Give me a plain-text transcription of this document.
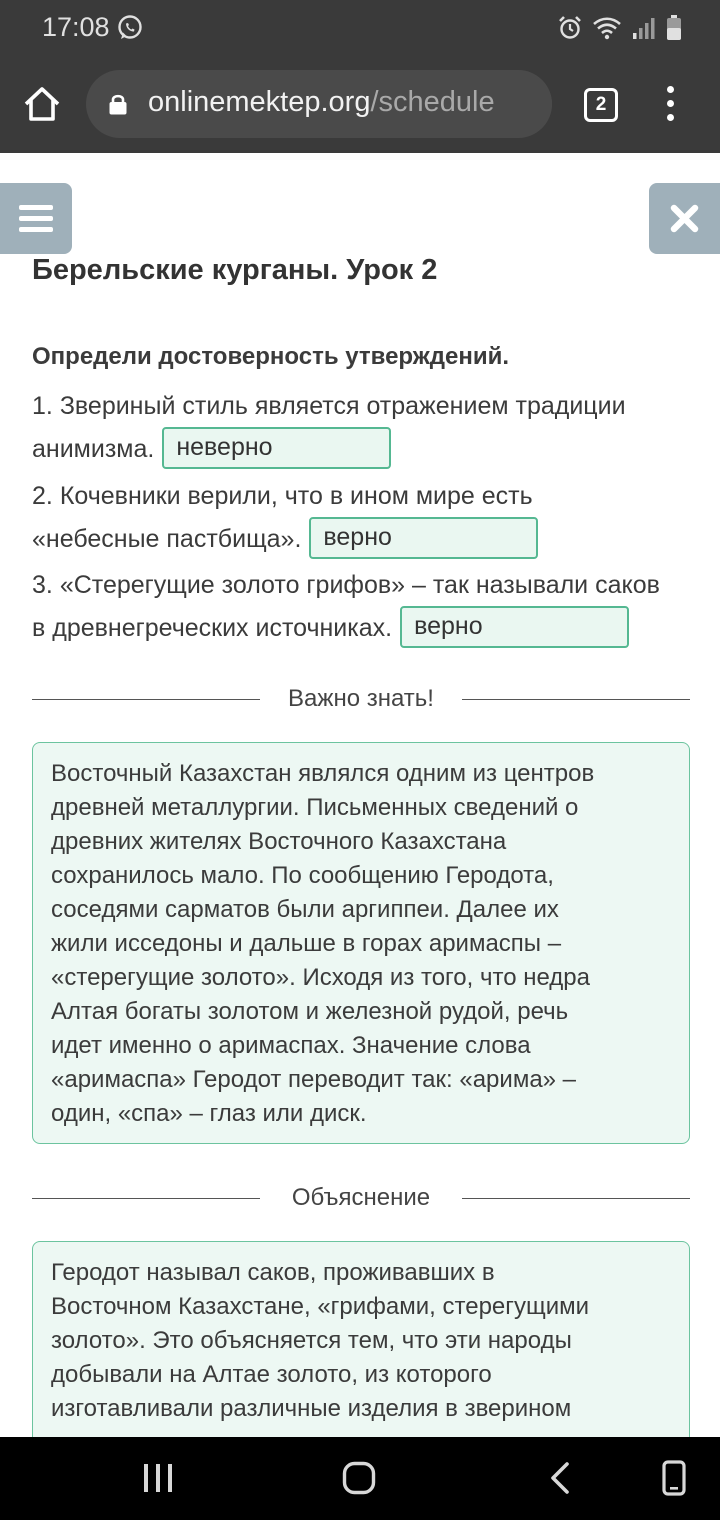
17:08
onlinemektep.org/schedule	2
Берельские курганы. Урок 2
Определи достоверность утверждений.
1. Звериный стиль является отражением традиции
анимизма. неверно
2. Кочевники верили, что в ином мире есть
«небесные пастбища». верно
3. «Стерегущие золото грифов» – так называли саков
в древнегреческих источниках. верно
Важно знать!
Восточный Казахстан являлся одним из центров
древней металлургии. Письменных сведений о
древних жителях Восточного Казахстана
сохранилось мало. По сообщению Геродота,
соседями сарматов были аргиппеи. Далее их
жили исседоны и дальше в горах аримаспы –
«стерегущие золото». Исходя из того, что недра
Алтая богаты золотом и железной рудой, речь
идет именно о аримаспах. Значение слова
«аримаспа» Геродот переводит так: «арима» –
один, «спа» – глаз или диск.
Объяснение
Геродот называл саков, проживавших в
Восточном Казахстане, «грифами, стерегущими
золото». Это объясняется тем, что эти народы
добывали на Алтае золото, из которого
изготавливали различные изделия в зверином
